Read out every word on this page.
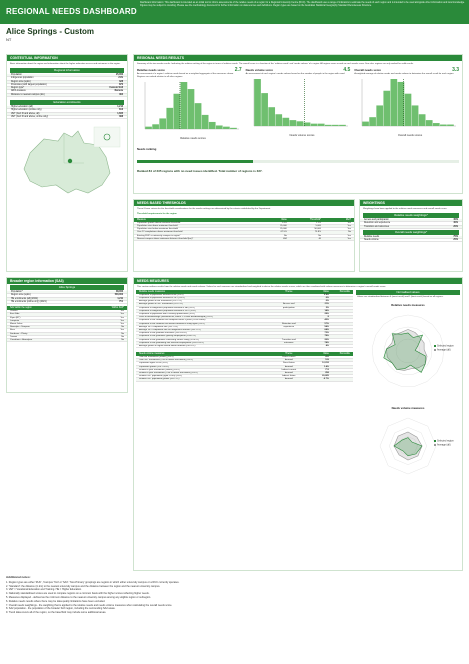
REGIONAL NEEDS DASHBOARD
Dashboard information: This dashboard is intended as an initial tool to inform assessments of the relative needs of a region for a Regional University Centre (RUC). The dashboard uses a range of indicators to estimate the needs of each region and is intended to be used alongside other information and local knowledge. Figures may be subject to rounding. Please see the methodology document for further information on data sources and definitions. Region types are based on the Australian Statistical Geography Standard Remoteness Structure.
Alice Springs - Custom
NT
CONTEXTUAL INFORMATION
Basic information about the region and information about the higher education access and outcomes in the region.
Regional information
Population	25,000
Indigenous population	21%
Region size (sqkm)	328
Postcodes (with largest population)	870
Region type*	Custom SA3
ARIA measure	Remote
Distance to nearest campus (km)	484
Education enrolments
Higher education (all)	1,214
Higher education (online only)	813
VET (Cert III and above, all)	1,605
VET (Cert III and above, online only)	388
REGIONAL NEEDS RESULTS
Summary of the two needs results: Indicating the relative ranking of the region in terms of relative needs. The overall score is a function of the 'relative needs' and 'needs volume' of a region. All regions were scored on each needs score. See also: regions are only ranked for valid results.
Relative needs score	2.7
An assessment of a region's relative needs based on a weighted aggregate of the measures shown. Regions are ranked relative to all other regions.
Relative needs scores
Needs volume score	4.5
An assessment of each region's needs volume based on the number of people in the region with need.
Needs volume scores
Overall needs score	3.3
A weighted average of relative needs and needs volume to determine the overall result for each region.
Overall needs scores
Needs ranking
Ranked 84 of 235 regions with no need issues identified. Total number of regions is 337.
NEEDS BASED THRESHOLDS
These 6 base criteria for the threshold considerations for the needs rankings are determined by the criteria established by the Department.
Threshold requirements for the region
Measure	Value	Threshold*	Met?
Population growth above minimum threshold	1.4%	1.1%	Yes
Population size above minimum threshold	25,000	5,000	Yes
Population size below maximum threshold	25,000	50,000	Yes
Year 12 completions above minimum threshold	67.5%	75.8%	No
Existing RUC or university campus in region*	No	No	Yes
Nearest campus above minimum distance threshold (km)*	484	40	Yes
WEIGHTINGS
Weightings have been applied to the relative needs measures and overall needs score.
Relative needs weightings*
Access and participation	40%
Retention and experience	40%
Transition and outcomes	20%
Overall needs weightings*
Relative needs	75%
Needs volume	25%
Broader region information (SA3)
Alice Springs
Population*	38,000
Region size (sqkm)	500,000
HE enrolments (all) (2021)	1,211
HE enrolments (online only) (2021)	751
SA2 within the region	Within SA3*
Charles	Yes
East Side	Yes
Flynn (NT)	Yes
Larapinta	Yes
Mount Johns	Yes
Namatjira - Simpson	No
Ross	Yes
Sandover - Plenty	No
Tanami	No
Yuendumu - Anmatjere	No
NEEDS MEASURES
This section outlines results from the relative needs and needs volume. Values for each measure are standardised and weighted to derive the relative needs scores, which are then combined with volume measures to determine a region's overall needs score.
Relative needs measures	Theme	Value	Percentile
Proportion of population enrolled in HE (2021)	3.8%
Proportion of population enrolled in VET (2021)	6%
Average growth in HE enrolments (2017-21)	0%
Average growth in VET enrolments (2017-21)	Access and	-11%
Proportion of Indigenous population enrolled in HE (2021)	participation	2%
Proportion of Indigenous population enrolled in VET (2021)	14%
Proportion of population with a tertiary qualification (2021)	28%
Level of disadvantage (SEIFA decile, where 1 = most disadvantaged) (2021)	8
Proportion of HE students that complete within 9 years (2016 cohort)	42%
Proportion of HE students that would commence study again (2021)	Retention and	57%
Average VET completion rate (2017-19)	experience	54%
Average VET completion rate for Indigenous learners (2017-21)	64%
Proportion of HE graduate outcomes (2019-2021)	73%
Proportion of HE graduates gaining employment (2020-21)	78%
Proportion of HE graduates continuing further study (2019-21)	Transition and	26%
Proportion of HE graduating into relevant employment (2020-2021)	outcomes	74%
Average growth in higher-skilled labour demand (2015-22)	4%
Needs volume measures	Theme	Value	Percentile
Total HE enrolments (online) (2021)	Direct current	411
Total VET enrolments (Cert III above and online) (2021)	demand	109
Population aged 18-64 (2021)	Direct future	12,232
Population growth (2017-2021)	demand	1.4%
Student 4-year enrolments (online) (2021)	Indirect current	713
Student 4-year enrolments (Cert III above and online) (2021)	demand	258
Student VET population (aged 15-64) (2021)	Indirect future	20,825
Student VET population growth (2017-22)	demand	-0.7%
Normalised values
Values are standardised between 0 (worst result) and 1 (best result) based on all regions.
Relative needs measures
Selected region
Average (all)
Needs volume measures
Selected region
Average (all)
Additional notes:
1. Region types are either 'RUC', 'Campus' 'Not' or 'SA3'. 'Non-Primary' groupings are regions in which either university campus or a RUC currently operates.
2. 'Standard': the distance (in km) to the nearest university campus and the distance between the region and the nearest university campus.
3. VET = Vocational Education and Training. HE = Higher Education.
4. Nationally standardised scores are used to compare regions on a common basis with the higher scores reflecting higher needs.
5. Measures displayed - defined as the minimum distance to the nearest university campus among any eligible region or subregion.
6. Relative needs results where there may be data quality limitations have been excluded.
7. Overall needs weightings - the weighting that is applied to the relative needs and needs volume measures when calculating the overall needs score.
8. SA2 population - the population of the broader SA3 region, including the surrounding SA2 areas.
9. Trend data covers all of the region, so the base/SA2 may include some additional areas.
